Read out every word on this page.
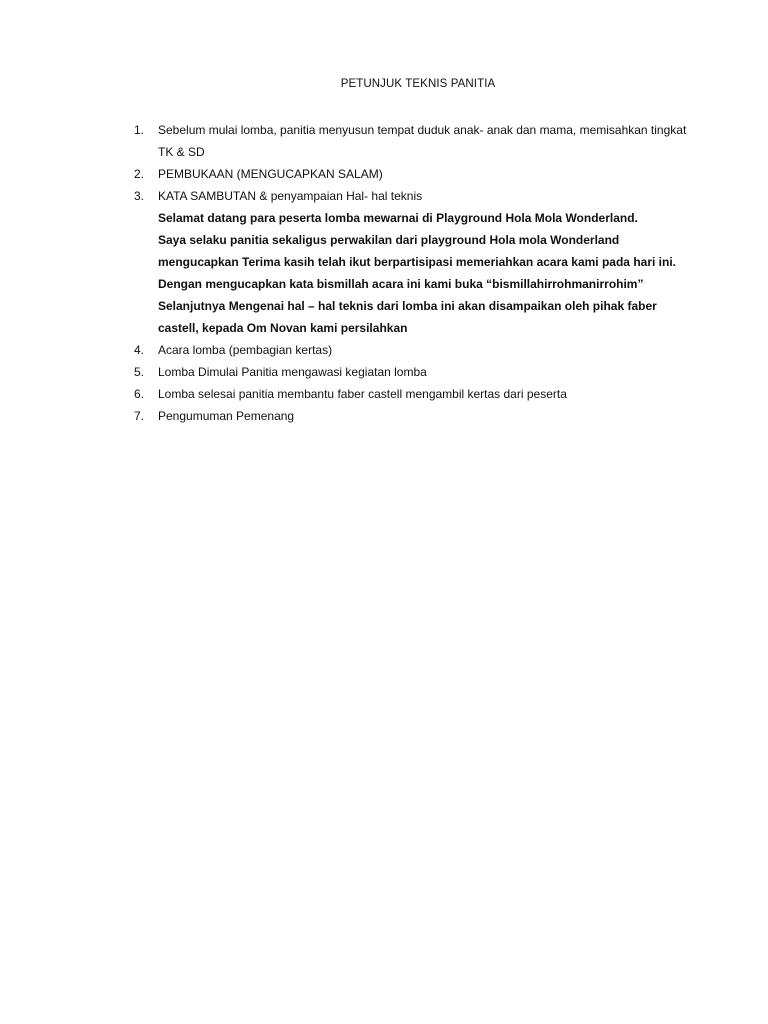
PETUNJUK TEKNIS PANITIA
1.	Sebelum mulai lomba, panitia menyusun tempat duduk anak- anak dan mama, memisahkan tingkat TK & SD
2.	PEMBUKAAN (MENGUCAPKAN SALAM)
3.	KATA SAMBUTAN & penyampaian Hal- hal teknis
Selamat datang para peserta lomba mewarnai di Playground Hola Mola Wonderland.
Saya selaku panitia sekaligus perwakilan dari playground Hola mola Wonderland mengucapkan Terima kasih telah ikut berpartisipasi memeriahkan acara kami pada hari ini.
Dengan mengucapkan kata bismillah acara ini kami buka “bismillahirrohmanirrohim”
Selanjutnya Mengenai hal – hal teknis dari lomba ini akan disampaikan oleh pihak faber castell, kepada Om Novan kami persilahkan
4.	Acara lomba (pembagian kertas)
5.	Lomba Dimulai Panitia mengawasi kegiatan lomba
6.	Lomba selesai panitia membantu faber castell mengambil kertas dari peserta
7.	Pengumuman Pemenang
